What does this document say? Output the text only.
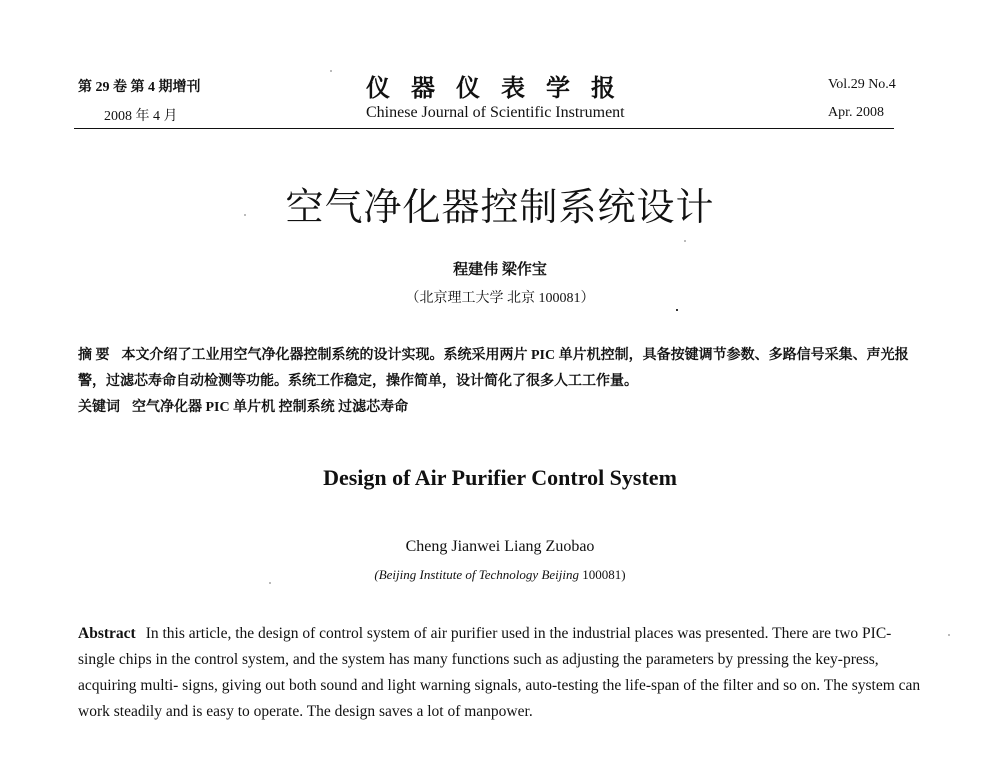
第 29 卷 第 4 期增刊
2008 年 4 月
仪器仪表学报
Chinese Journal of Scientific Instrument
Vol.29 No.4
Apr. 2008
空气净化器控制系统设计
程建伟 梁作宝
（北京理工大学 北京 100081）
摘 要 本文介绍了工业用空气净化器控制系统的设计实现。系统采用两片 PIC 单片机控制，具备按键调节参数、多路信号采集、声光报警，过滤芯寿命自动检测等功能。系统工作稳定，操作简单，设计简化了很多人工工作量。
关键词 空气净化器 PIC 单片机 控制系统 过滤芯寿命
Design of Air Purifier Control System
Cheng Jianwei Liang Zuobao
(Beijing Institute of Technology Beijing 100081)
Abstract In this article, the design of control system of air purifier used in the industrial places was presented. There are two PIC- single chips in the control system, and the system has many functions such as adjusting the parameters by pressing the key-press, acquiring multi- signs, giving out both sound and light warning signals, auto-testing the life-span of the filter and so on. The system can work steadily and is easy to operate. The design saves a lot of manpower.
